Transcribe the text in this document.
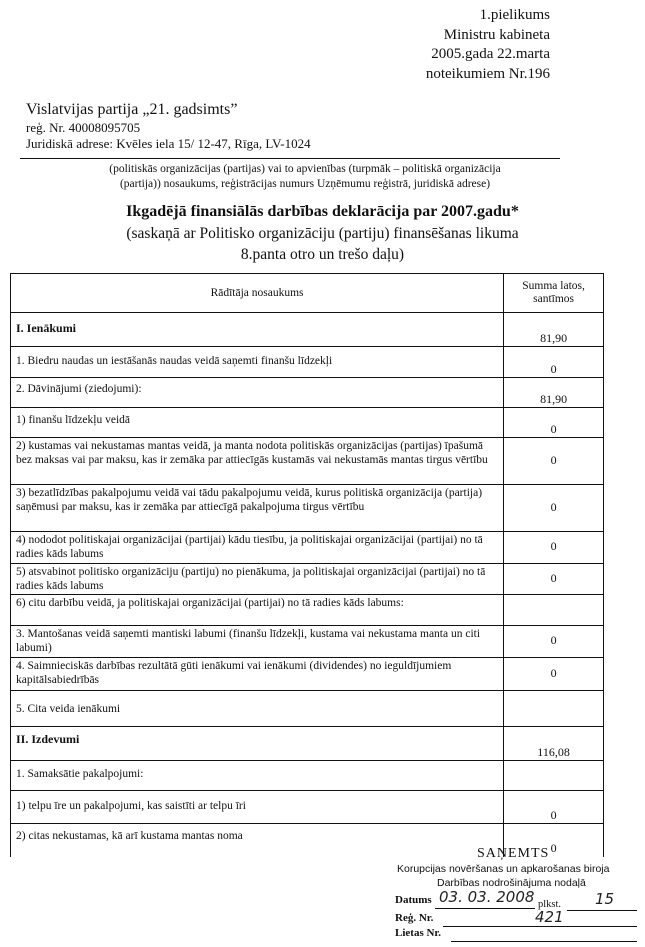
1.pielikums
Ministru kabineta
2005.gada 22.marta
noteikumiem Nr.196
Vislatvijas partija „21. gadsimts”
reģ. Nr. 40008095705
Juridiskā adrese: Kvēles iela 15/ 12-47, Rīga, LV-1024
(politiskās organizācijas (partijas) vai to apvienības (turpmāk – politiskā organizācija
(partija)) nosaukums, reģistrācijas numurs Uzņēmumu reģistrā, juridiskā adrese)
Ikgadējā finansiālās darbības deklarācija par 2007.gadu*
(saskaņā ar Politisko organizāciju (partiju) finansēšanas likuma
8.panta otro un trešo daļu)
Rādītāja nosaukums	Summa latos,
santīmos

I. Ienākumi	81,90
1. Biedru naudas un iestāšanās naudas veidā saņemti finanšu līdzekļi	0
2. Dāvinājumi (ziedojumi):	81,90
1) finanšu līdzekļu veidā	0
2) kustamas vai nekustamas mantas veidā, ja manta nodota politiskās organizācijas (partijas) īpašumā bez maksas vai par maksu, kas ir zemāka par attiecīgās kustamās vai nekustamās mantas tirgus vērtību	0
3) bezatlīdzības pakalpojumu veidā vai tādu pakalpojumu veidā, kurus politiskā organizācija (partija) saņēmusi par maksu, kas ir zemāka par attiecīgā pakalpojuma tirgus vērtību	0
4) nododot politiskajai organizācijai (partijai) kādu tiesību, ja politiskajai organizācijai (partijai) no tā radies kāds labums	0
5) atsvabinot politisko organizāciju (partiju) no pienākuma, ja politiskajai organizācijai (partijai) no tā radies kāds labums	0
6) citu darbību veidā, ja politiskajai organizācijai (partijai) no tā radies kāds labums:	
3. Mantošanas veidā saņemti mantiski labumi (finanšu līdzekļi, kustama vai nekustama manta un citi labumi)	0
4. Saimnieciskās darbības rezultātā gūti ienākumi vai ienākumi (dividendes) no ieguldījumiem kapitālsabiedrībās	0
5. Cita veida ienākumi	
II. Izdevumi	116,08
1. Samaksātie pakalpojumi:	
1) telpu īre un pakalpojumi, kas saistīti ar telpu īri	0
2) citas nekustamas, kā arī kustama mantas noma	0
SAŅEMTS
Korupcijas novēršanas un apkarošanas biroja
Darbības nodrošinājuma nodaļā
Datums 03. 03. 2008 plkst. 15
Reģ. Nr.	421
Lietas Nr.
